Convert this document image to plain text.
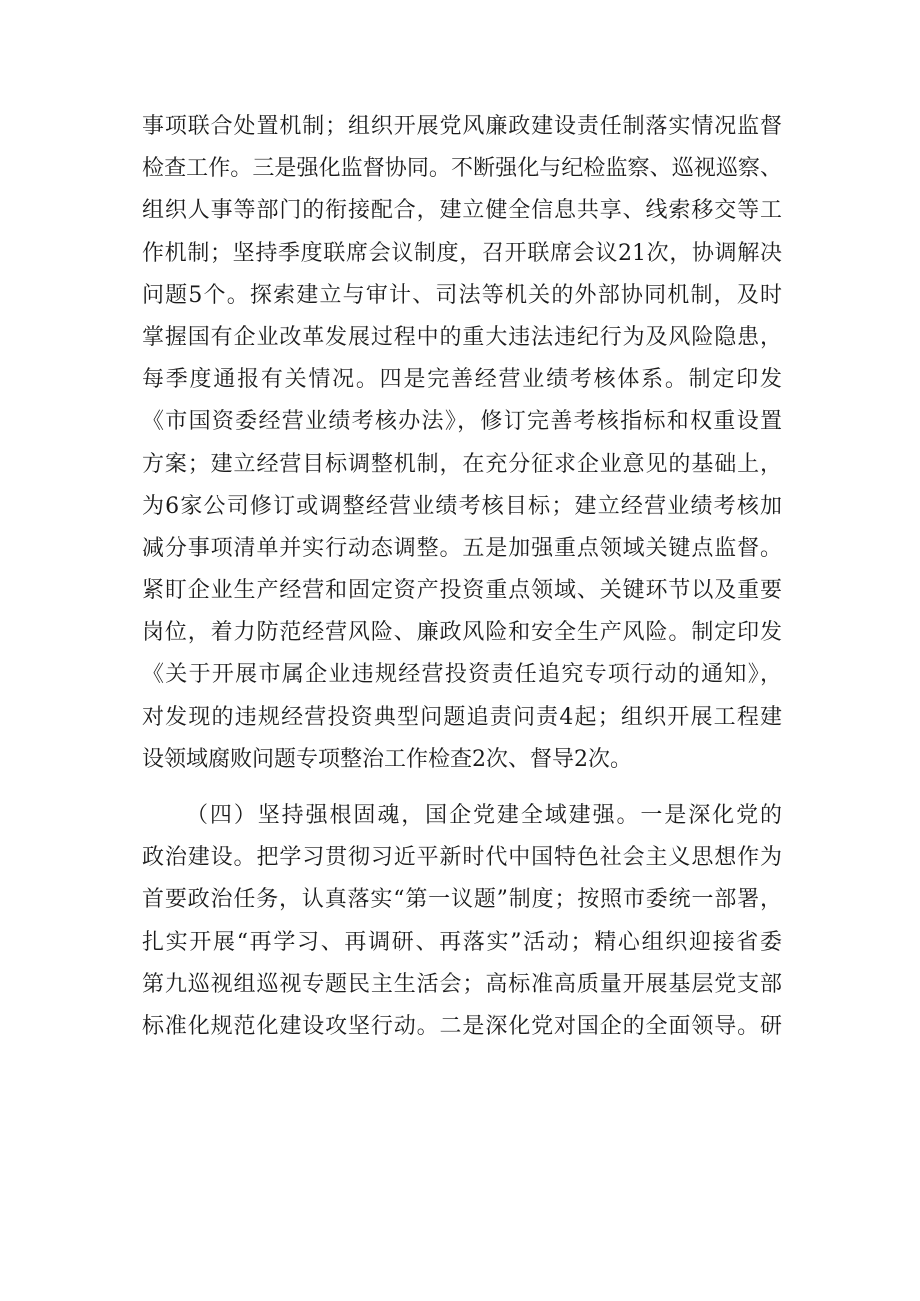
事项联合处置机制；组织开展党风廉政建设责任制落实情况监督
检查工作。三是强化监督协同。不断强化与纪检监察、巡视巡察、
组织人事等部门的衔接配合，建立健全信息共享、线索移交等工
作机制；坚持季度联席会议制度，召开联席会议21次，协调解决
问题5个。探索建立与审计、司法等机关的外部协同机制，及时
掌握国有企业改革发展过程中的重大违法违纪行为及风险隐患，
每季度通报有关情况。四是完善经营业绩考核体系。制定印发
《市国资委经营业绩考核办法》，修订完善考核指标和权重设置
方案；建立经营目标调整机制，在充分征求企业意见的基础上，
为6家公司修订或调整经营业绩考核目标；建立经营业绩考核加
减分事项清单并实行动态调整。五是加强重点领域关键点监督。
紧盯企业生产经营和固定资产投资重点领域、关键环节以及重要
岗位，着力防范经营风险、廉政风险和安全生产风险。制定印发
《关于开展市属企业违规经营投资责任追究专项行动的通知》，
对发现的违规经营投资典型问题追责问责4起；组织开展工程建
设领域腐败问题专项整治工作检查2次、督导2次。
（四）坚持强根固魂，国企党建全域建强。一是深化党的
政治建设。把学习贯彻习近平新时代中国特色社会主义思想作为
首要政治任务，认真落实“第一议题”制度；按照市委统一部署，
扎实开展“再学习、再调研、再落实”活动；精心组织迎接省委
第九巡视组巡视专题民主生活会；高标准高质量开展基层党支部
标准化规范化建设攻坚行动。二是深化党对国企的全面领导。研
